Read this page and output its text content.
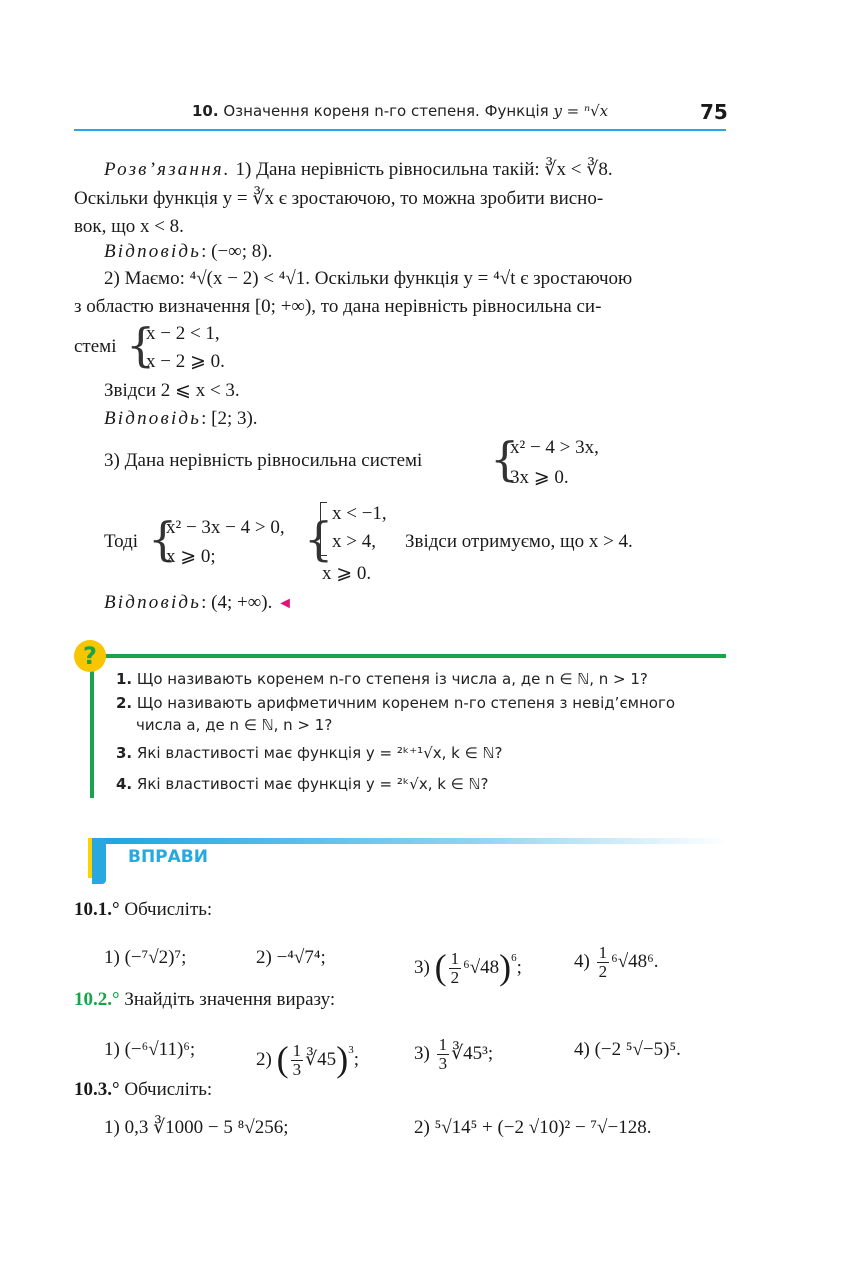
10. Означення кореня n-го степеня. Функція y = ⁿ√x	75
Розв’язання. 1) Дана нерівність рівносильна такій: ∛x < ∛8.
Оскільки функція y = ∛x є зростаючою, то можна зробити висно-
вок, що x < 8.
Відповідь: (−∞; 8).
2) Маємо: ⁴√(x − 2) < ⁴√1. Оскільки функція y = ⁴√t є зростаючою
з областю визначення [0; +∞), то дана нерівність рівносильна си-
стемі {
x − 2 < 1,
x − 2 ⩾ 0.
Звідси 2 ⩽ x < 3.
Відповідь: [2; 3).
3) Дана нерівність рівносильна системі {
x² − 4 > 3x,
3x ⩾ 0.
Тоді {
x² − 3x − 4 > 0,
x ⩾ 0; {
x < −1,
x > 4,
x ⩾ 0.
Звідси отримуємо, що x > 4.
Відповідь: (4; +∞). ◄
?
1. Що називають коренем n-го степеня із числа a, де n ∈ ℕ, n > 1?
2. Що називають арифметичним коренем n-го степеня з невід’ємного
числа a, де n ∈ ℕ, n > 1?
3. Які властивості має функція y = ²ᵏ⁺¹√x, k ∈ ℕ?
4. Які властивості має функція y = ²ᵏ√x, k ∈ ℕ?
ВПРАВИ
10.1.° Обчисліть:
1) (−⁷√2)⁷;	2) −⁴√7⁴;	3) ( $\frac{1}{2} ^6√48)^6$;	$4) \frac{1}{2} ^6√48^6$.
10.2.° Знайдіть значення виразу:
1) (−⁶√11)⁶;	2) ( $\frac{1}{3}$ ∛45)$^3$;	$3) \frac{1}{3}$ ∛45³;	4) (−2 ⁵√−5)⁵.
10.3.° Обчисліть:
1) 0,3 ∛1000 − 5 ⁸√256;	2) ⁵√14⁵ + (−2 √10)² − ⁷√−128.
